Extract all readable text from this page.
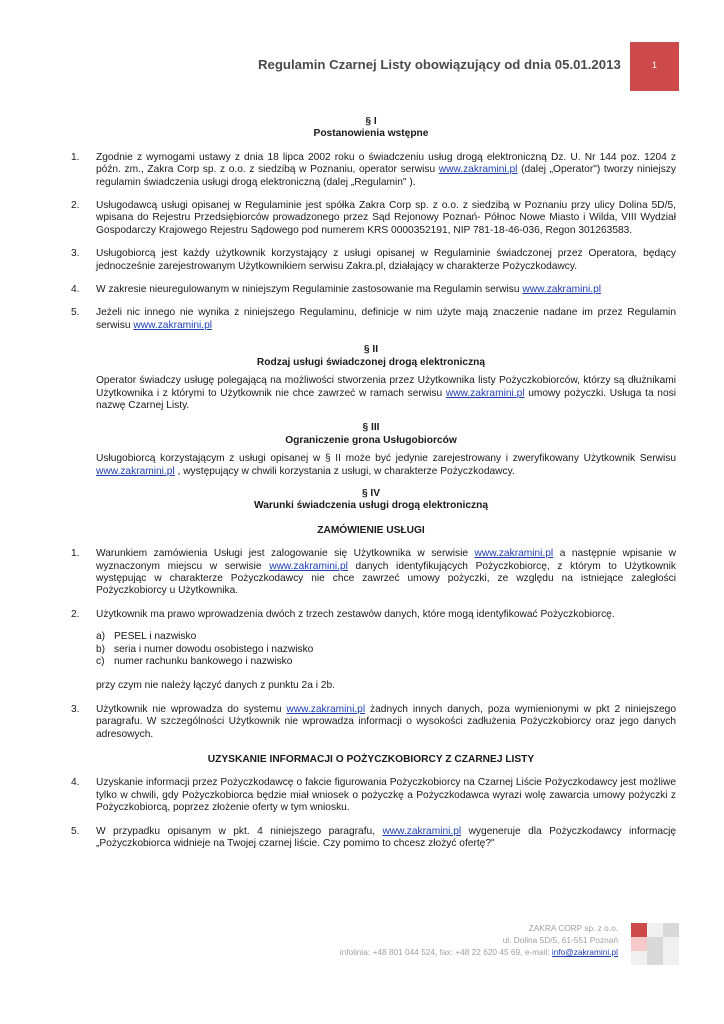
Regulamin Czarnej Listy obowiązujący od dnia 05.01.2013	1
§ I
Postanowienia wstępne
1. Zgodnie z wymogami ustawy z dnia 18 lipca 2002 roku o świadczeniu usług drogą elektroniczną Dz. U. Nr 144 poz. 1204 z późn. zm., Zakra Corp sp. z o.o. z siedzibą w Poznaniu, operator serwisu www.zakramini.pl (dalej „Operator") tworzy niniejszy regulamin świadczenia usługi drogą elektroniczną (dalej „Regulamin" ).
2. Usługodawcą usługi opisanej w Regulaminie jest spółka Zakra Corp sp. z o.o. z siedzibą w Poznaniu przy ulicy Dolina 5D/5, wpisana do Rejestru Przedsiębiorców prowadzonego przez Sąd Rejonowy Poznań- Północ Nowe Miasto i Wilda, VIII Wydział Gospodarczy Krajowego Rejestru Sądowego pod numerem KRS 0000352191, NIP 781-18-46-036, Regon 301263583.
3. Usługobiorcą jest każdy użytkownik korzystający z usługi opisanej w Regulaminie świadczonej przez Operatora, będący jednocześnie zarejestrowanym Użytkownikiem serwisu Zakra.pl, działający w charakterze Pożyczkodawcy.
4. W zakresie nieuregulowanym w niniejszym Regulaminie zastosowanie ma Regulamin serwisu www.zakramini.pl
5. Jeżeli nic innego nie wynika z niniejszego Regulaminu, definicje w nim użyte mają znaczenie nadane im przez Regulamin serwisu www.zakramini.pl
§ II
Rodzaj usługi świadczonej drogą elektroniczną
Operator świadczy usługę polegającą na możliwości stworzenia przez Użytkownika listy Pożyczkobiorców, którzy są dłużnikami Użytkownika i z którymi to Użytkownik nie chce zawrzeć w ramach serwisu www.zakramini.pl umowy pożyczki. Usługa ta nosi nazwę Czarnej Listy.
§ III
Ograniczenie grona Usługobiorców
Usługobiorcą korzystającym z usługi opisanej w § II może być jedynie zarejestrowany i zweryfikowany Użytkownik Serwisu www.zakramini.pl , występujący w chwili korzystania z usługi, w charakterze Pożyczkodawcy.
§ IV
Warunki świadczenia usługi drogą elektroniczną
ZAMÓWIENIE USŁUGI
1. Warunkiem zamówienia Usługi jest zalogowanie się Użytkownika w serwisie www.zakramini.pl a następnie wpisanie w wyznaczonym miejscu w serwisie www.zakramini.pl danych identyfikujących Pożyczkobiorcę, z którym to Użytkownik występując w charakterze Pożyczkodawcy nie chce zawrzeć umowy pożyczki, ze względu na istniejące zaległości Pożyczkobiorcy u Użytkownika.
2. Użytkownik ma prawo wprowadzenia dwóch z trzech zestawów danych, które mogą identyfikować Pożyczkobiorcę.
a) PESEL i nazwisko
b) seria i numer dowodu osobistego i nazwisko
c) numer rachunku bankowego i nazwisko
przy czym nie należy łączyć danych z punktu 2a i 2b.
3. Użytkownik nie wprowadza do systemu www.zakramini.pl żadnych innych danych, poza wymienionymi w pkt 2 niniejszego paragrafu. W szczególności Użytkownik nie wprowadza informacji o wysokości zadłużenia Pożyczkobiorcy oraz jego danych adresowych.
UZYSKANIE INFORMACJI O POŻYCZKOBIORCY Z CZARNEJ LISTY
4. Uzyskanie informacji przez Pożyczkodawcę o fakcie figurowania Pożyczkobiorcy na Czarnej Liście Pożyczkodawcy jest możliwe tylko w chwili, gdy Pożyczkobiorca będzie miał wniosek o pożyczkę a Pożyczkodawca wyrazi wolę zawarcia umowy pożyczki z Pożyczkobiorcą, poprzez złożenie oferty w tym wniosku.
5. W przypadku opisanym w pkt. 4 niniejszego paragrafu, www.zakramini.pl wygeneruje dla Pożyczkodawcy informację „Pożyczkobiorca widnieje na Twojej czarnej liście. Czy pomimo to chcesz złożyć ofertę?"
ZAKRA CORP sp. z o.o.
ul. Dolina 5D/5, 61-551 Poznań
infolinia: +48 801 044 524, fax: +48 22 620 45 69, e-mail: info@zakramini.pl
